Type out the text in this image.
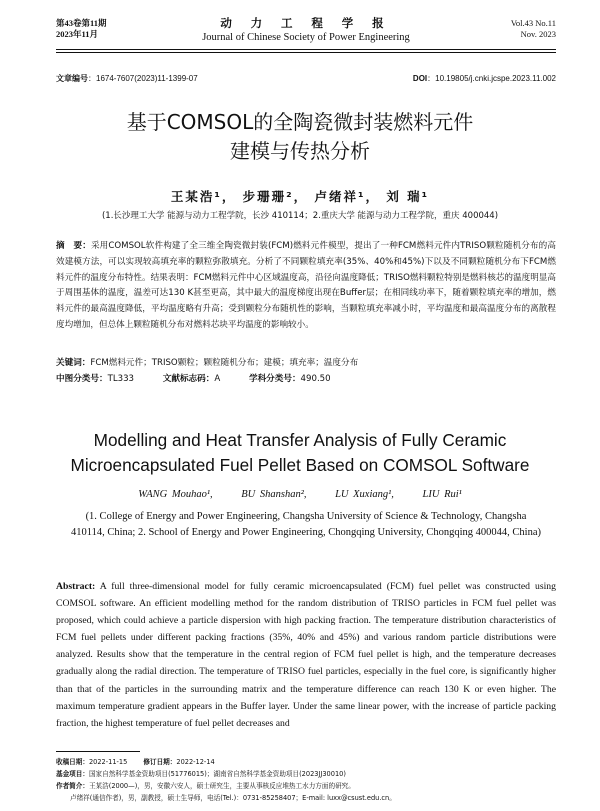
第43卷第11期
2023年11月
动 力 工 程 学 报
Journal of Chinese Society of Power Engineering
Vol.43 No.11
Nov. 2023
文章编号：1674-7607(2023)11-1399-07	DOI：10.19805/j.cnki.jcspe.2023.11.002
基于COMSOL的全陶瓷微封装燃料元件
建模与传热分析
王某浩¹， 步珊珊²， 卢绪祥¹， 刘 瑞¹
(1.长沙理工大学 能源与动力工程学院，长沙 410114；2.重庆大学 能源与动力工程学院，重庆 400044)
摘　要：采用COMSOL软件构建了全三维全陶瓷微封装(FCM)燃料元件模型，提出了一种FCM燃料元件内TRISO颗粒随机分布的高效建模方法，可以实现较高填充率的颗粒弥散填充。分析了不同颗粒填充率(35%、40%和45%)下以及不同颗粒随机分布下FCM燃料元件的温度分布特性。结果表明：FCM燃料元件中心区域温度高，沿径向温度降低；TRISO燃料颗粒特别是燃料核芯的温度明显高于周围基体的温度，温差可达130 K甚至更高，其中最大的温度梯度出现在Buffer层；在相同线功率下，随着颗粒填充率的增加，燃料元件的最高温度降低，平均温度略有升高；受到颗粒分布随机性的影响，当颗粒填充率减小时，平均温度和最高温度分布的离散程度均增加，但总体上颗粒随机分布对燃料芯块平均温度的影响较小。
关键词：FCM燃料元件；TRISO颗粒；颗粒随机分布；建模；填充率；温度分布
中图分类号：TL333	文献标志码：A	学科分类号：490.50
Modelling and Heat Transfer Analysis of Fully Ceramic
Microencapsulated Fuel Pellet Based on COMSOL Software
WANG Mouhao¹,	BU Shanshan²,	LU Xuxiang¹,	LIU Rui¹
(1. College of Energy and Power Engineering, Changsha University of Science & Technology, Changsha 410114, China; 2. School of Energy and Power Engineering, Chongqing University, Chongqing 400044, China)
Abstract: A full three-dimensional model for fully ceramic microencapsulated (FCM) fuel pellet was constructed using COMSOL software. An efficient modelling method for the random distribution of TRISO particles in FCM fuel pellet was proposed, which could achieve a particle dispersion with high packing fraction. The temperature distribution characteristics of FCM fuel pellets under different packing fractions (35%, 40% and 45%) and various random particle distributions were analyzed. Results show that the temperature in the central region of FCM fuel pellet is high, and the temperature decreases gradually along the radial direction. The temperature of TRISO fuel particles, especially in the fuel core, is significantly higher than that of the particles in the surrounding matrix and the temperature difference can reach 130 K or even higher. The maximum temperature gradient appears in the Buffer layer. Under the same linear power, with the increase of particle packing fraction, the highest temperature of fuel pellet decreases and
收稿日期：2022-11-15 修订日期：2022-12-14
基金项目：国家自然科学基金资助项目(51776015)；湖南省自然科学基金资助项目(2023JJ30010)
作者简介：王某浩(2000—)，男，安徽六安人，硕士研究生，主要从事核反应堆热工水力方面的研究。
卢绪祥(通信作者)，男，副教授，硕士生导师，电话(Tel.)：0731-85258407；E-mail: luxx@csust.edu.cn。
